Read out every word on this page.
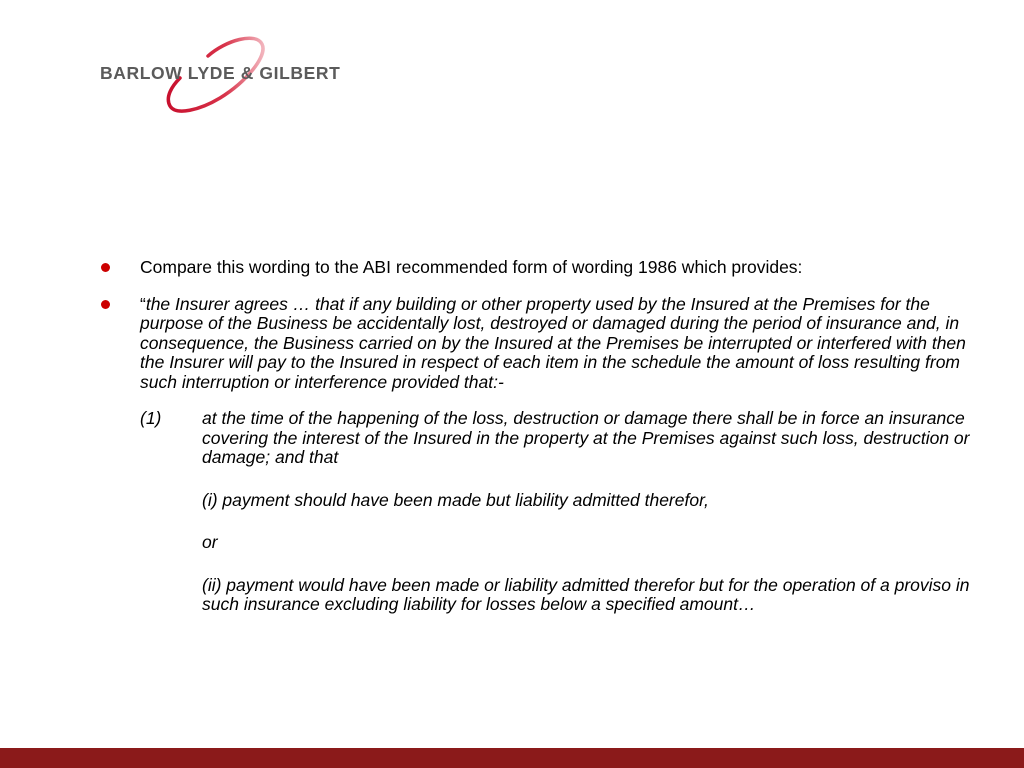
BARLOW LYDE & GILBERT
Compare this wording to the ABI recommended form of wording 1986 which provides:
“the Insurer agrees … that if any building or other property used by the Insured at the Premises for the purpose of the Business be accidentally lost, destroyed or damaged during the period of insurance and, in consequence, the Business carried on by the Insured at the Premises be interrupted or interfered with then the Insurer will pay to the Insured in respect of each item in the schedule the amount of loss resulting from such interruption or interference provided that:-
(1) at the time of the happening of the loss, destruction or damage there shall be in force an insurance covering the interest of the Insured in the property at the Premises against such loss, destruction or damage; and that
(i) payment should have been made but liability admitted therefor,
or
(ii) payment would have been made or liability admitted therefor but for the operation of a proviso in such insurance excluding liability for losses below a specified amount…
